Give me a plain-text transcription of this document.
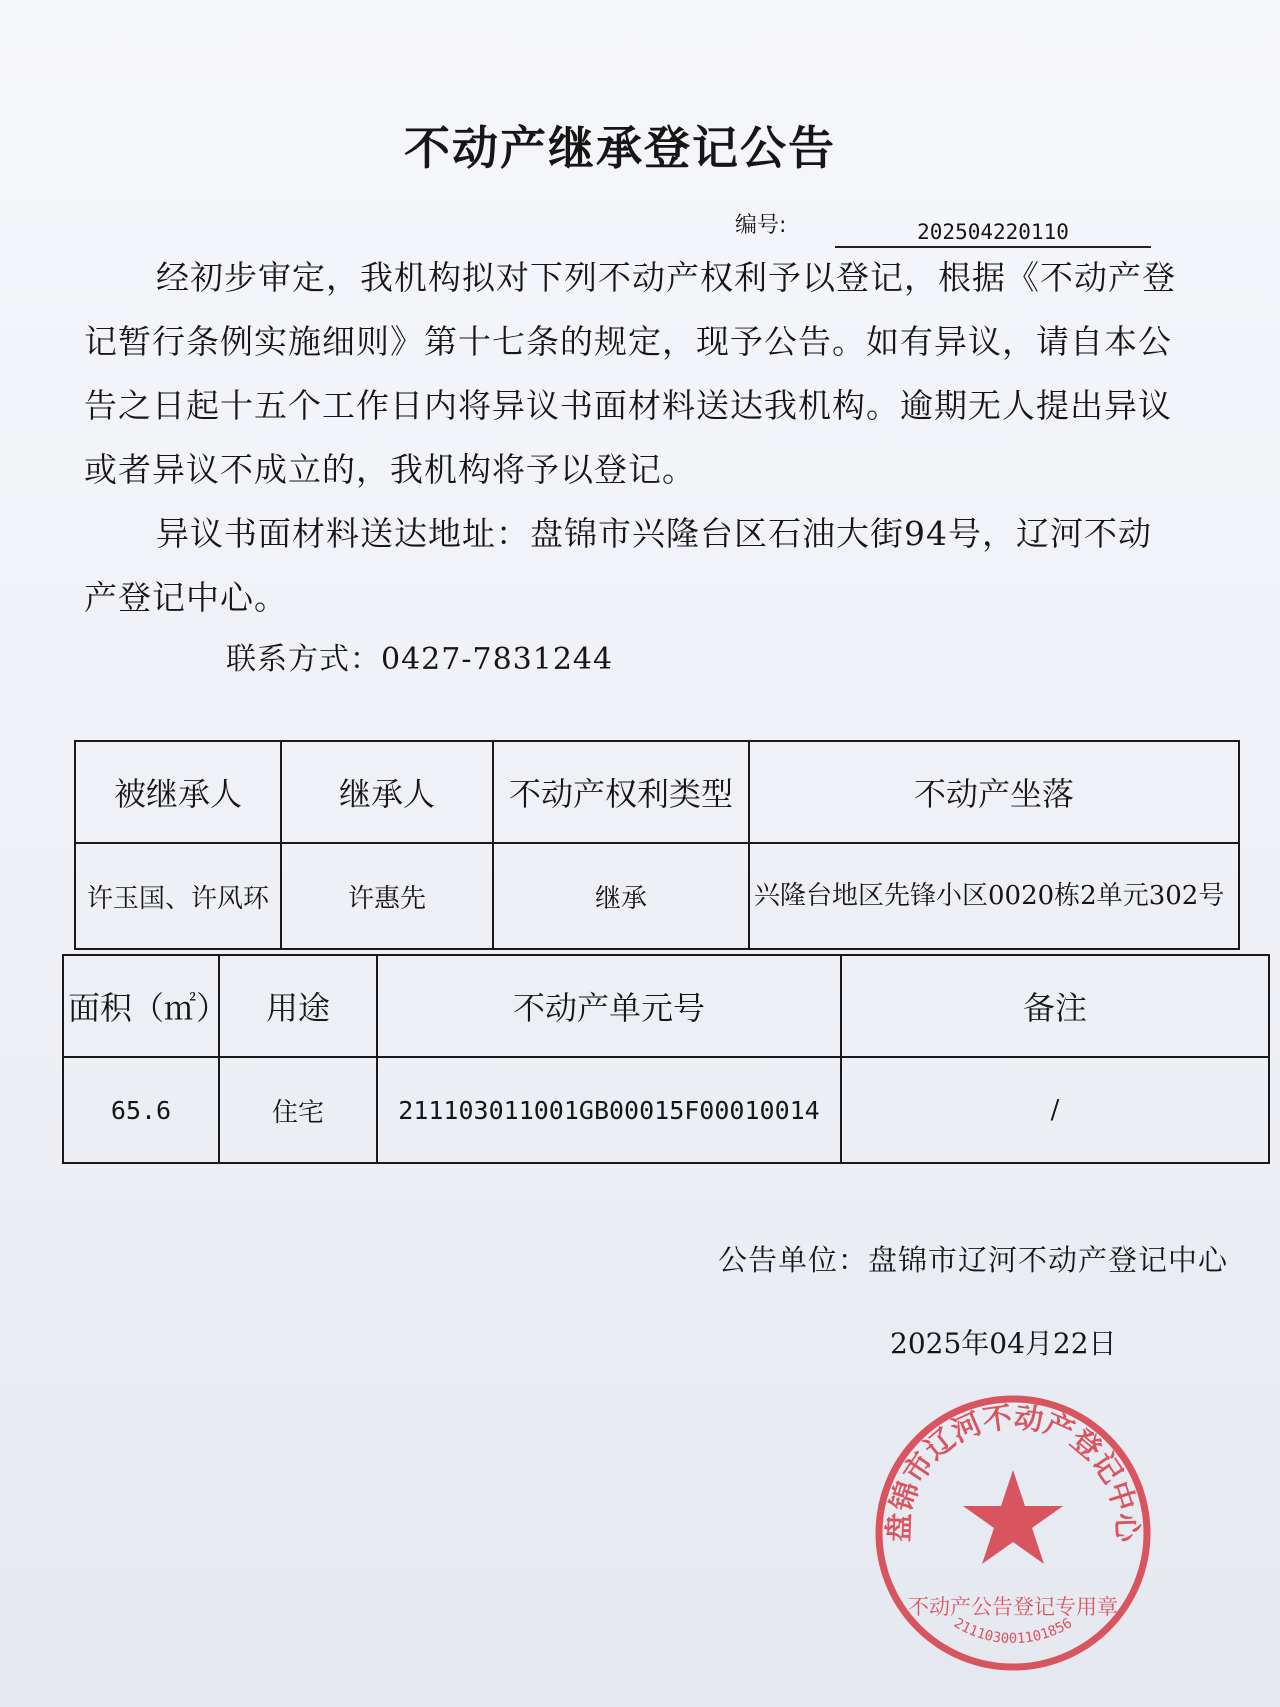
不动产继承登记公告
编号:	202504220110
经初步审定，我机构拟对下列不动产权利予以登记，根据《不动产登记暂行条例实施细则》第十七条的规定，现予公告。如有异议，请自本公告之日起十五个工作日内将异议书面材料送达我机构。逾期无人提出异议或者异议不成立的，我机构将予以登记。
异议书面材料送达地址：盘锦市兴隆台区石油大街94号，辽河不动产登记中心。
联系方式：0427-7831244
被继承人	继承人	不动产权利类型	不动产坐落
许玉国、许风环	许惠先	继承	兴隆台地区先锋小区0020栋2单元302号
面积（㎡）	用途	不动产单元号	备注
65.6	住宅	211103011001GB00015F00010014	/
公告单位：盘锦市辽河不动产登记中心
2025年04月22日
盘锦市辽河不动产登记中心
不动产公告登记专用章
211103001101856
